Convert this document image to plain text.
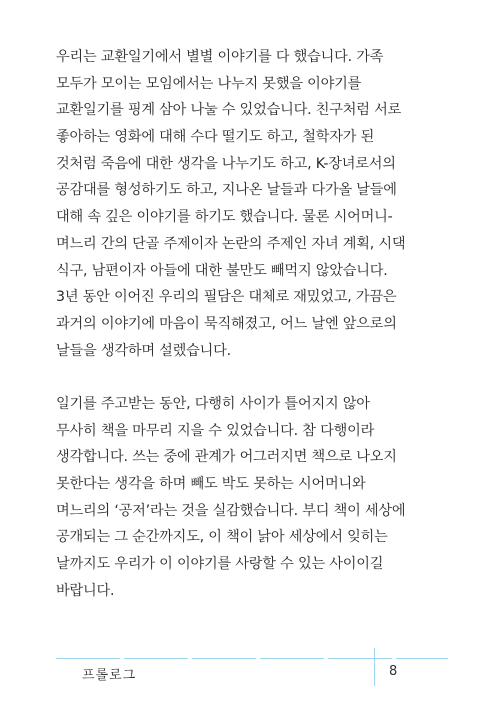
우리는 교환일기에서 별별 이야기를 다 했습니다. 가족
모두가 모이는 모임에서는 나누지 못했을 이야기를
교환일기를 핑계 삼아 나눌 수 있었습니다. 친구처럼 서로
좋아하는 영화에 대해 수다 떨기도 하고, 철학자가 된
것처럼 죽음에 대한 생각을 나누기도 하고, K-장녀로서의
공감대를 형성하기도 하고, 지나온 날들과 다가올 날들에
대해 속 깊은 이야기를 하기도 했습니다. 물론 시어머니-
며느리 간의 단골 주제이자 논란의 주제인 자녀 계획, 시댁
식구, 남편이자 아들에 대한 불만도 빼먹지 않았습니다.
3년 동안 이어진 우리의 필담은 대체로 재밌었고, 가끔은
과거의 이야기에 마음이 묵직해졌고, 어느 날엔 앞으로의
날들을 생각하며 설렜습니다.
일기를 주고받는 동안, 다행히 사이가 틀어지지 않아
무사히 책을 마무리 지을 수 있었습니다. 참 다행이라
생각합니다. 쓰는 중에 관계가 어그러지면 책으로 나오지
못한다는 생각을 하며 빼도 박도 못하는 시어머니와
며느리의 ‘공저’라는 것을 실감했습니다. 부디 책이 세상에
공개되는 그 순간까지도, 이 책이 낡아 세상에서 잊히는
날까지도 우리가 이 이야기를 사랑할 수 있는 사이이길
바랍니다.
프롤로그	8
